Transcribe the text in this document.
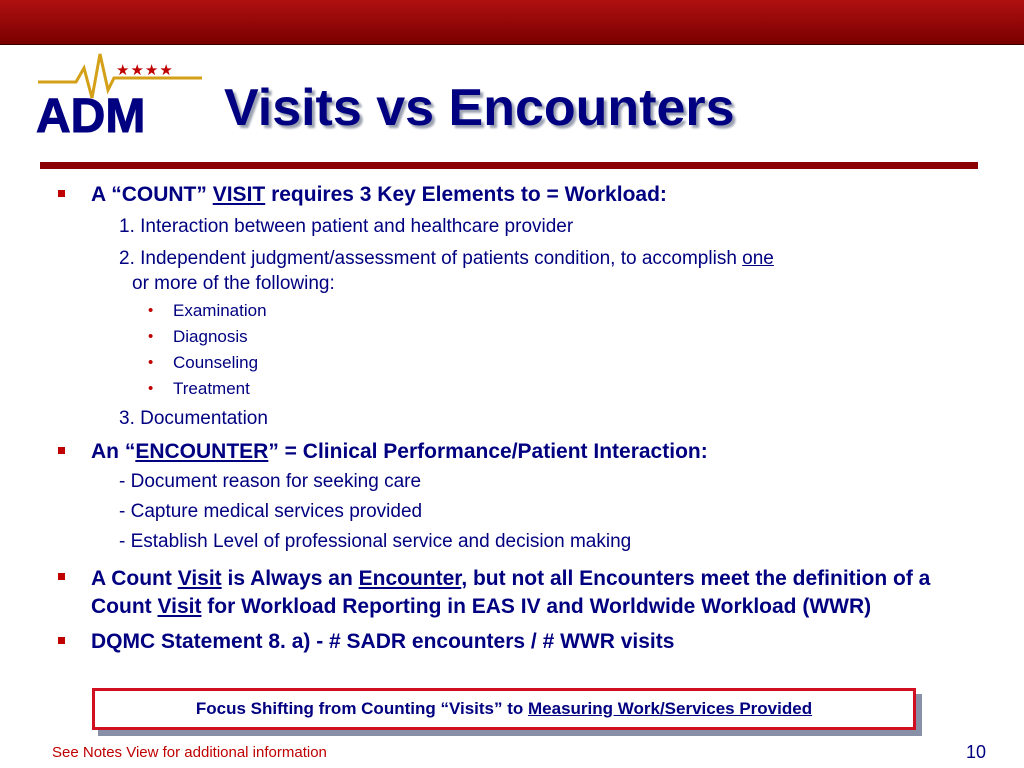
★★★★
ADM Visits vs Encounters
A “COUNT” VISIT requires 3 Key Elements to = Workload:
1. Interaction between patient and healthcare provider
2. Independent judgment/assessment of patients condition, to accomplish one
or more of the following:
• Examination
• Diagnosis
• Counseling
• Treatment
3. Documentation
An “ENCOUNTER” = Clinical Performance/Patient Interaction:
- Document reason for seeking care
- Capture medical services provided
- Establish Level of professional service and decision making
A Count Visit is Always an Encounter, but not all Encounters meet the definition of a Count Visit for Workload Reporting in EAS IV and Worldwide Workload (WWR)
DQMC Statement 8. a) - # SADR encounters / # WWR visits
Focus Shifting from Counting “Visits” to Measuring Work/Services Provided
See Notes View for additional information	10
